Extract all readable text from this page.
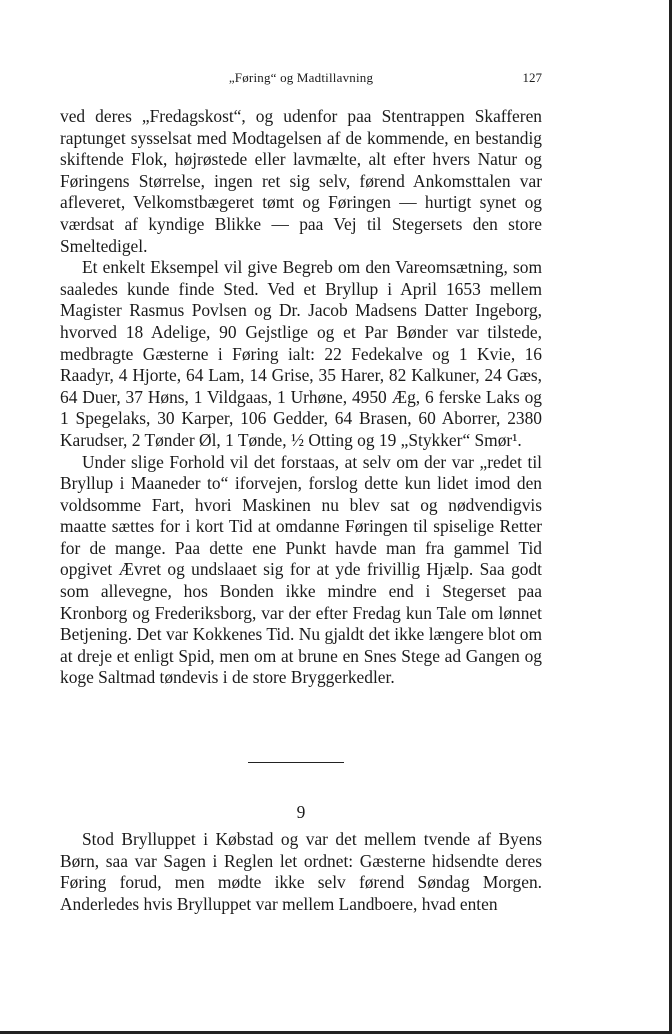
„Føring“ og Madtillavning	127

ved deres „Fredagskost“, og udenfor paa Stentrappen Skafferen raptunget sysselsat med Modtagelsen af de kommende, en bestandig skiftende Flok, højrøstede eller lavmælte, alt efter hvers Natur og Føringens Størrelse, ingen ret sig selv, førend Ankomsttalen var afleveret, Velkomstbægeret tømt og Føringen — hurtigt synet og værdsat af kyndige Blikke — paa Vej til Stegersets den store Smeltedigel.

Et enkelt Eksempel vil give Begreb om den Vareomsætning, som saaledes kunde finde Sted. Ved et Bryllup i April 1653 mellem Magister Rasmus Povlsen og Dr. Jacob Madsens Datter Ingeborg, hvorved 18 Adelige, 90 Gejstlige og et Par Bønder var tilstede, medbragte Gæsterne i Føring ialt: 22 Fedekalve og 1 Kvie, 16 Raadyr, 4 Hjorte, 64 Lam, 14 Grise, 35 Harer, 82 Kalkuner, 24 Gæs, 64 Duer, 37 Høns, 1 Vildgaas, 1 Urhøne, 4950 Æg, 6 ferske Laks og 1 Spegelaks, 30 Karper, 106 Gedder, 64 Brasen, 60 Aborrer, 2380 Karudser, 2 Tønder Øl, 1 Tønde, ½ Otting og 19 „Stykker“ Smør¹.

Under slige Forhold vil det forstaas, at selv om der var „redet til Bryllup i Maaneder to“ iforvejen, forslog dette kun lidet imod den voldsomme Fart, hvori Maskinen nu blev sat og nødvendigvis maatte sættes for i kort Tid at omdanne Føringen til spiselige Retter for de mange. Paa dette ene Punkt havde man fra gammel Tid opgivet Ævret og undslaaet sig for at yde frivillig Hjælp. Saa godt som allevegne, hos Bonden ikke mindre end i Stegerset paa Kronborg og Frederiksborg, var der efter Fredag kun Tale om lønnet Betjening. Det var Kokkenes Tid. Nu gjaldt det ikke længere blot om at dreje et enligt Spid, men om at brune en Snes Stege ad Gangen og koge Saltmad tøndevis i de store Bryggerkedler.

9

Stod Brylluppet i Købstad og var det mellem tvende af Byens Børn, saa var Sagen i Reglen let ordnet: Gæsterne hidsendte deres Føring forud, men mødte ikke selv førend Søndag Morgen. Anderledes hvis Brylluppet var mellem Landboere, hvad enten
